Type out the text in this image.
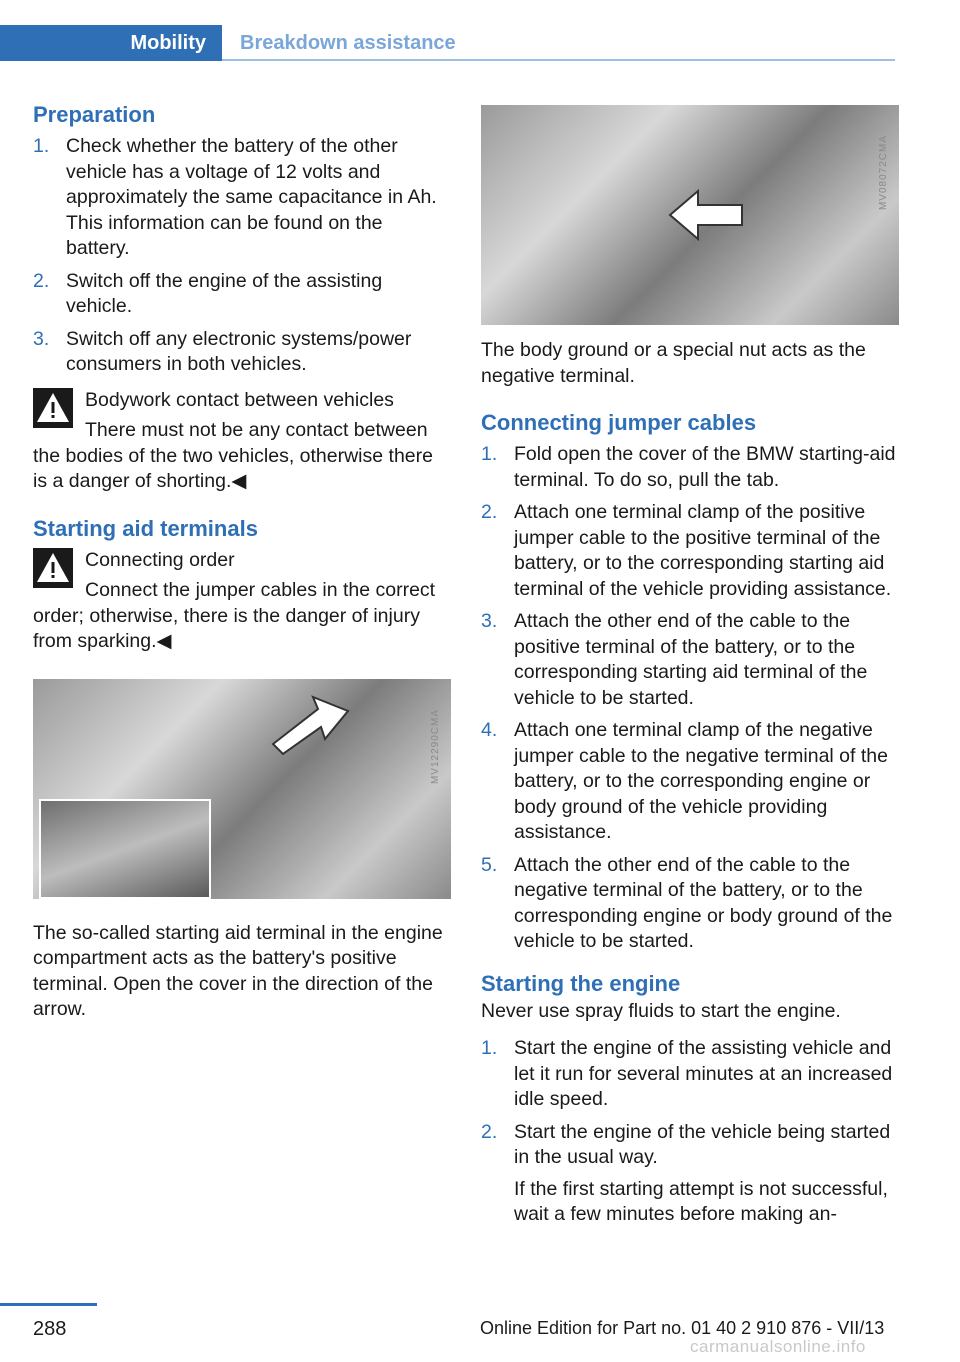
Mobility	Breakdown assistance
Preparation
1. Check whether the battery of the other vehicle has a voltage of 12 volts and approximately the same capacitance in Ah. This information can be found on the battery.
2. Switch off the engine of the assisting vehicle.
3. Switch off any electronic systems/power consumers in both vehicles.

Bodywork contact between vehicles

There must not be any contact between the bodies of the two vehicles, otherwise there is a danger of shorting.◀

Starting aid terminals

Connecting order

Connect the jumper cables in the correct order; otherwise, there is the danger of injury from sparking.◀

MV12290CMA

The so-called starting aid terminal in the engine compartment acts as the battery's positive terminal. Open the cover in the direction of the arrow.

MV08072CMA

The body ground or a special nut acts as the negative terminal.

Connecting jumper cables
1. Fold open the cover of the BMW starting-aid terminal. To do so, pull the tab.
2. Attach one terminal clamp of the positive jumper cable to the positive terminal of the battery, or to the corresponding starting aid terminal of the vehicle providing assistance.
3. Attach the other end of the cable to the positive terminal of the battery, or to the corresponding starting aid terminal of the vehicle to be started.
4. Attach one terminal clamp of the negative jumper cable to the negative terminal of the battery, or to the corresponding engine or body ground of the vehicle providing assistance.
5. Attach the other end of the cable to the negative terminal of the battery, or to the corresponding engine or body ground of the vehicle to be started.
Starting the engine

Never use spray fluids to start the engine.

1. Start the engine of the assisting vehicle and let it run for several minutes at an increased idle speed.
2. Start the engine of the vehicle being started in the usual way.

If the first starting attempt is not successful, wait a few minutes before making an-

288	Online Edition for Part no. 01 40 2 910 876 - VII/13
carmanualsonline.info
